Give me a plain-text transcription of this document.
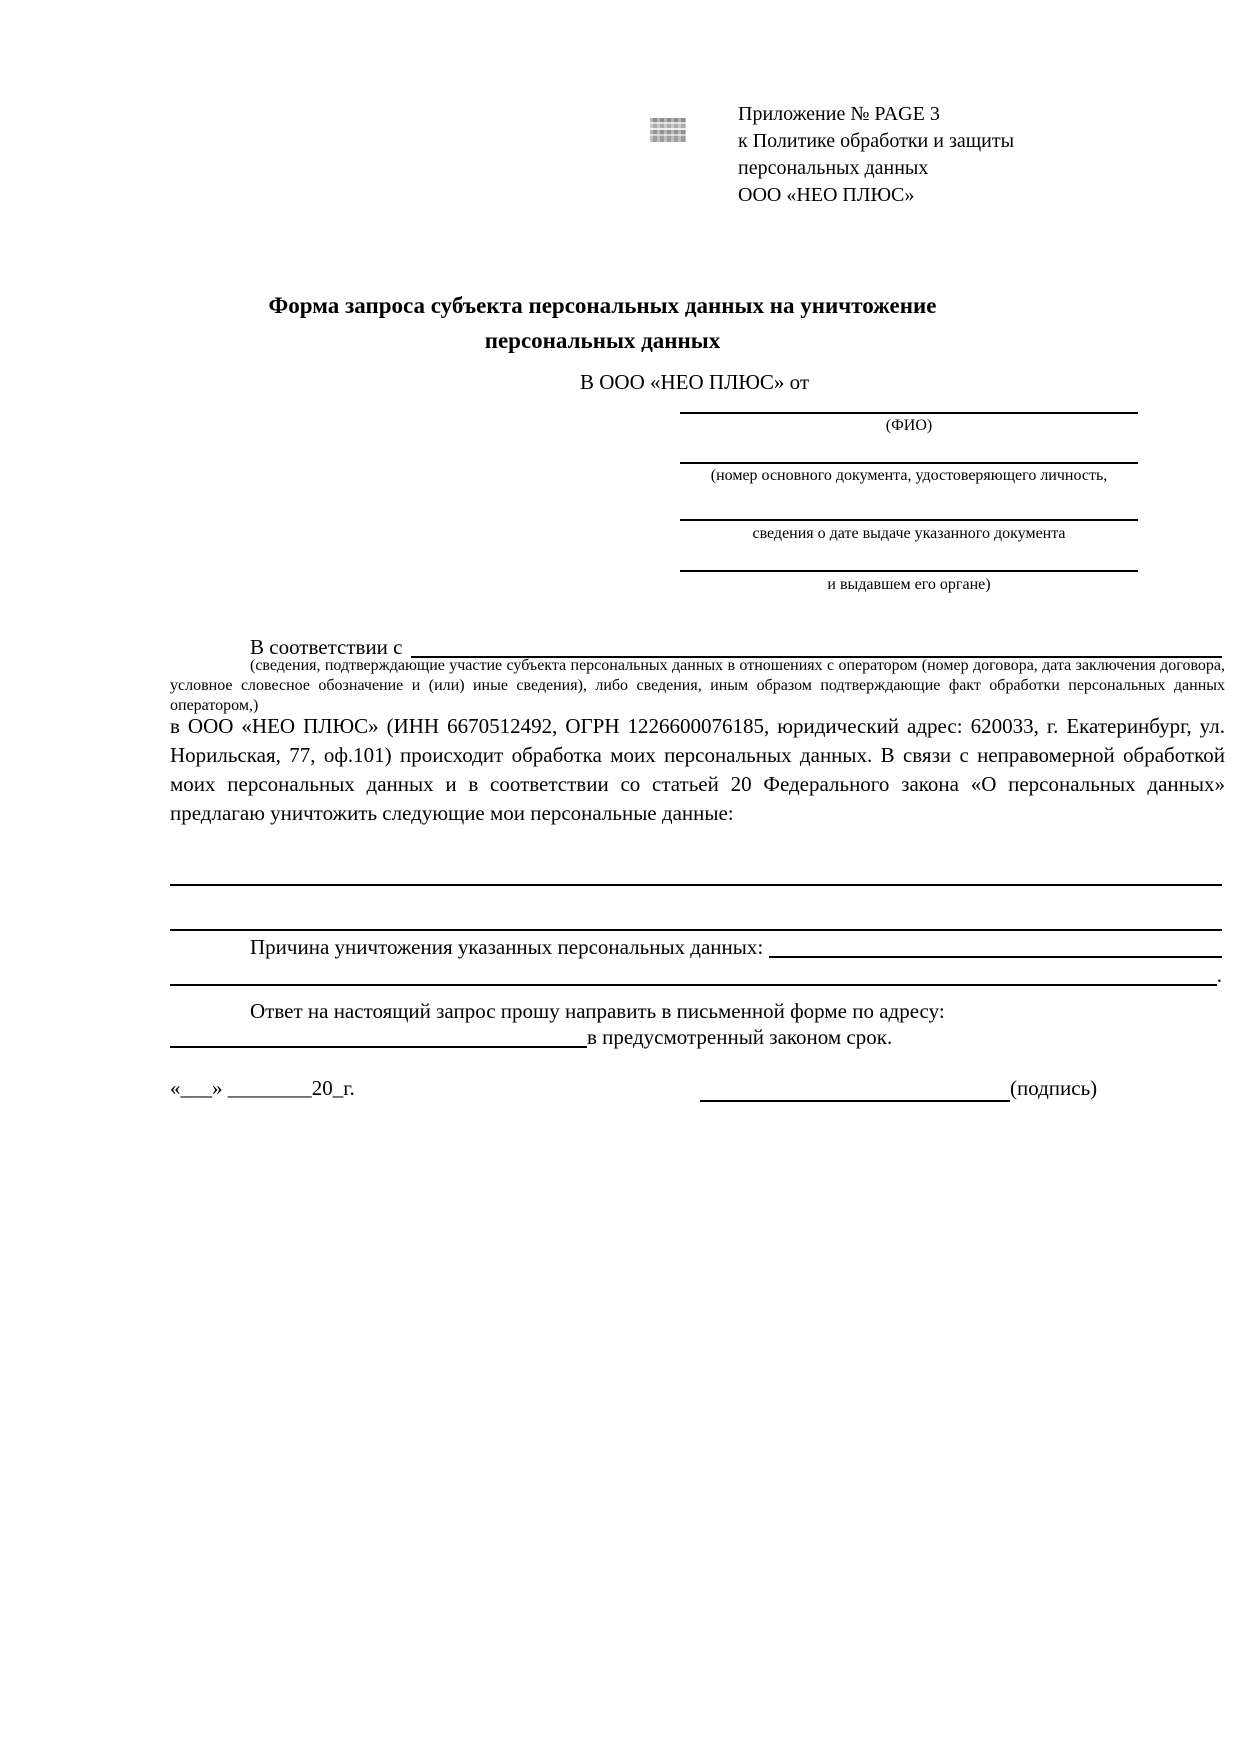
Приложение № PAGE 3
к Политике обработки и защиты
персональных данных
ООО «НЕО ПЛЮС»
Форма запроса субъекта персональных данных на уничтожение
персональных данных
В ООО «НЕО ПЛЮС» от
(ФИО)
(номер основного документа, удостоверяющего личность,
сведения о дате выдаче указанного документа
и выдавшем его органе)
В соответствии с
(сведения, подтверждающие участие субъекта персональных данных в отношениях с оператором (номер договора, дата заключения договора, условное словесное обозначение и (или) иные сведения), либо сведения, иным образом подтверждающие факт обработки персональных данных оператором,)
в ООО «НЕО ПЛЮС» (ИНН 6670512492, ОГРН 1226600076185, юридический адрес: 620033, г. Екатеринбург, ул. Норильская, 77, оф.101) происходит обработка моих персональных данных. В связи с неправомерной обработкой моих персональных данных и в соответствии со статьей 20 Федерального закона «О персональных данных» предлагаю уничтожить следующие мои персональные данные:
Причина уничтожения указанных персональных данных:
.
Ответ на настоящий запрос прошу направить в письменной форме по адресу:
в предусмотренный законом срок.
«___» ________20_г.	(подпись)
